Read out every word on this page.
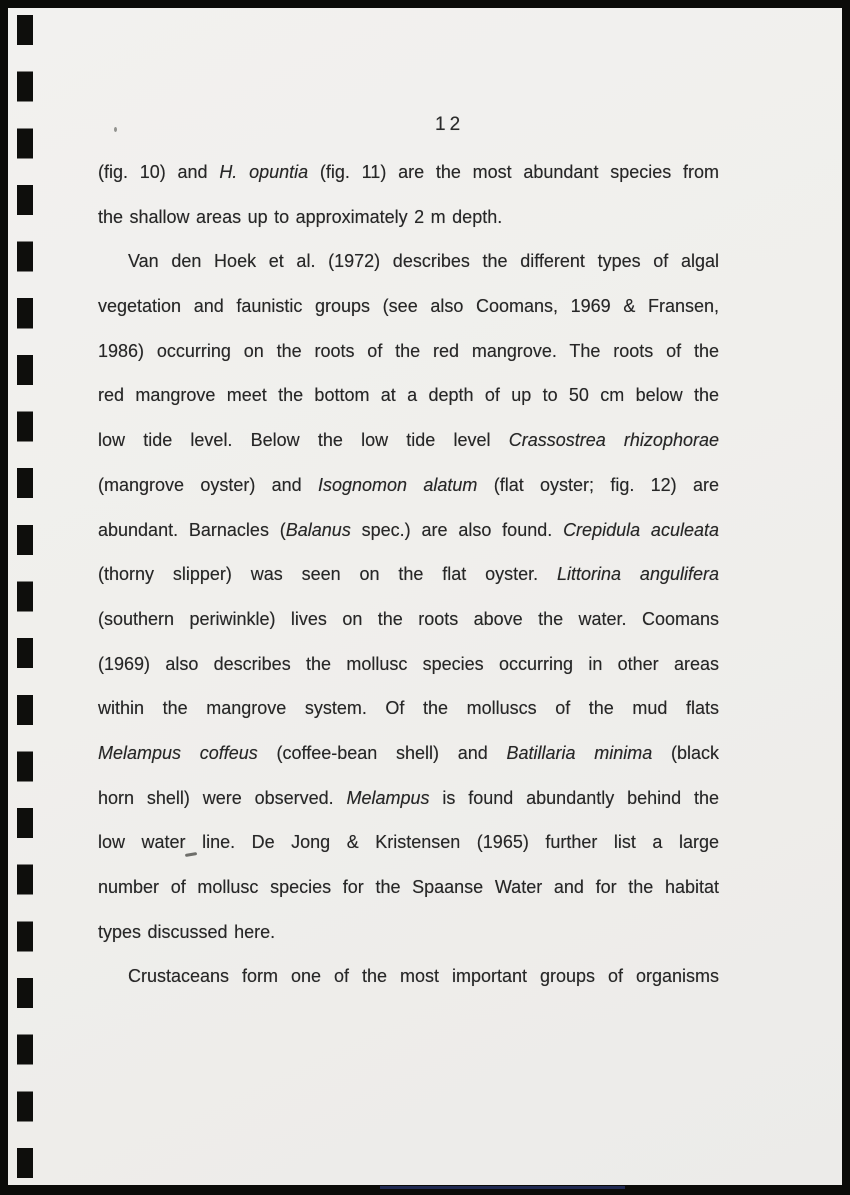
12
(fig. 10) and H. opuntia (fig. 11) are the most abundant species from
the shallow areas up to approximately 2 m depth.
Van den Hoek et al. (1972) describes the different types of algal
vegetation and faunistic groups (see also Coomans, 1969 & Fransen,
1986) occurring on the roots of the red mangrove. The roots of the
red mangrove meet the bottom at a depth of up to 50 cm below the
low tide level. Below the low tide level Crassostrea rhizophorae
(mangrove oyster) and Isognomon alatum (flat oyster; fig. 12) are
abundant. Barnacles (Balanus spec.) are also found. Crepidula aculeata
(thorny slipper) was seen on the flat oyster. Littorina angulifera
(southern periwinkle) lives on the roots above the water. Coomans
(1969) also describes the mollusc species occurring in other areas
within the mangrove system. Of the molluscs of the mud flats
Melampus coffeus (coffee-bean shell) and Batillaria minima (black
horn shell) were observed. Melampus is found abundantly behind the
low water line. De Jong & Kristensen (1965) further list a large
number of mollusc species for the Spaanse Water and for the habitat
types discussed here.
Crustaceans form one of the most important groups of organisms
